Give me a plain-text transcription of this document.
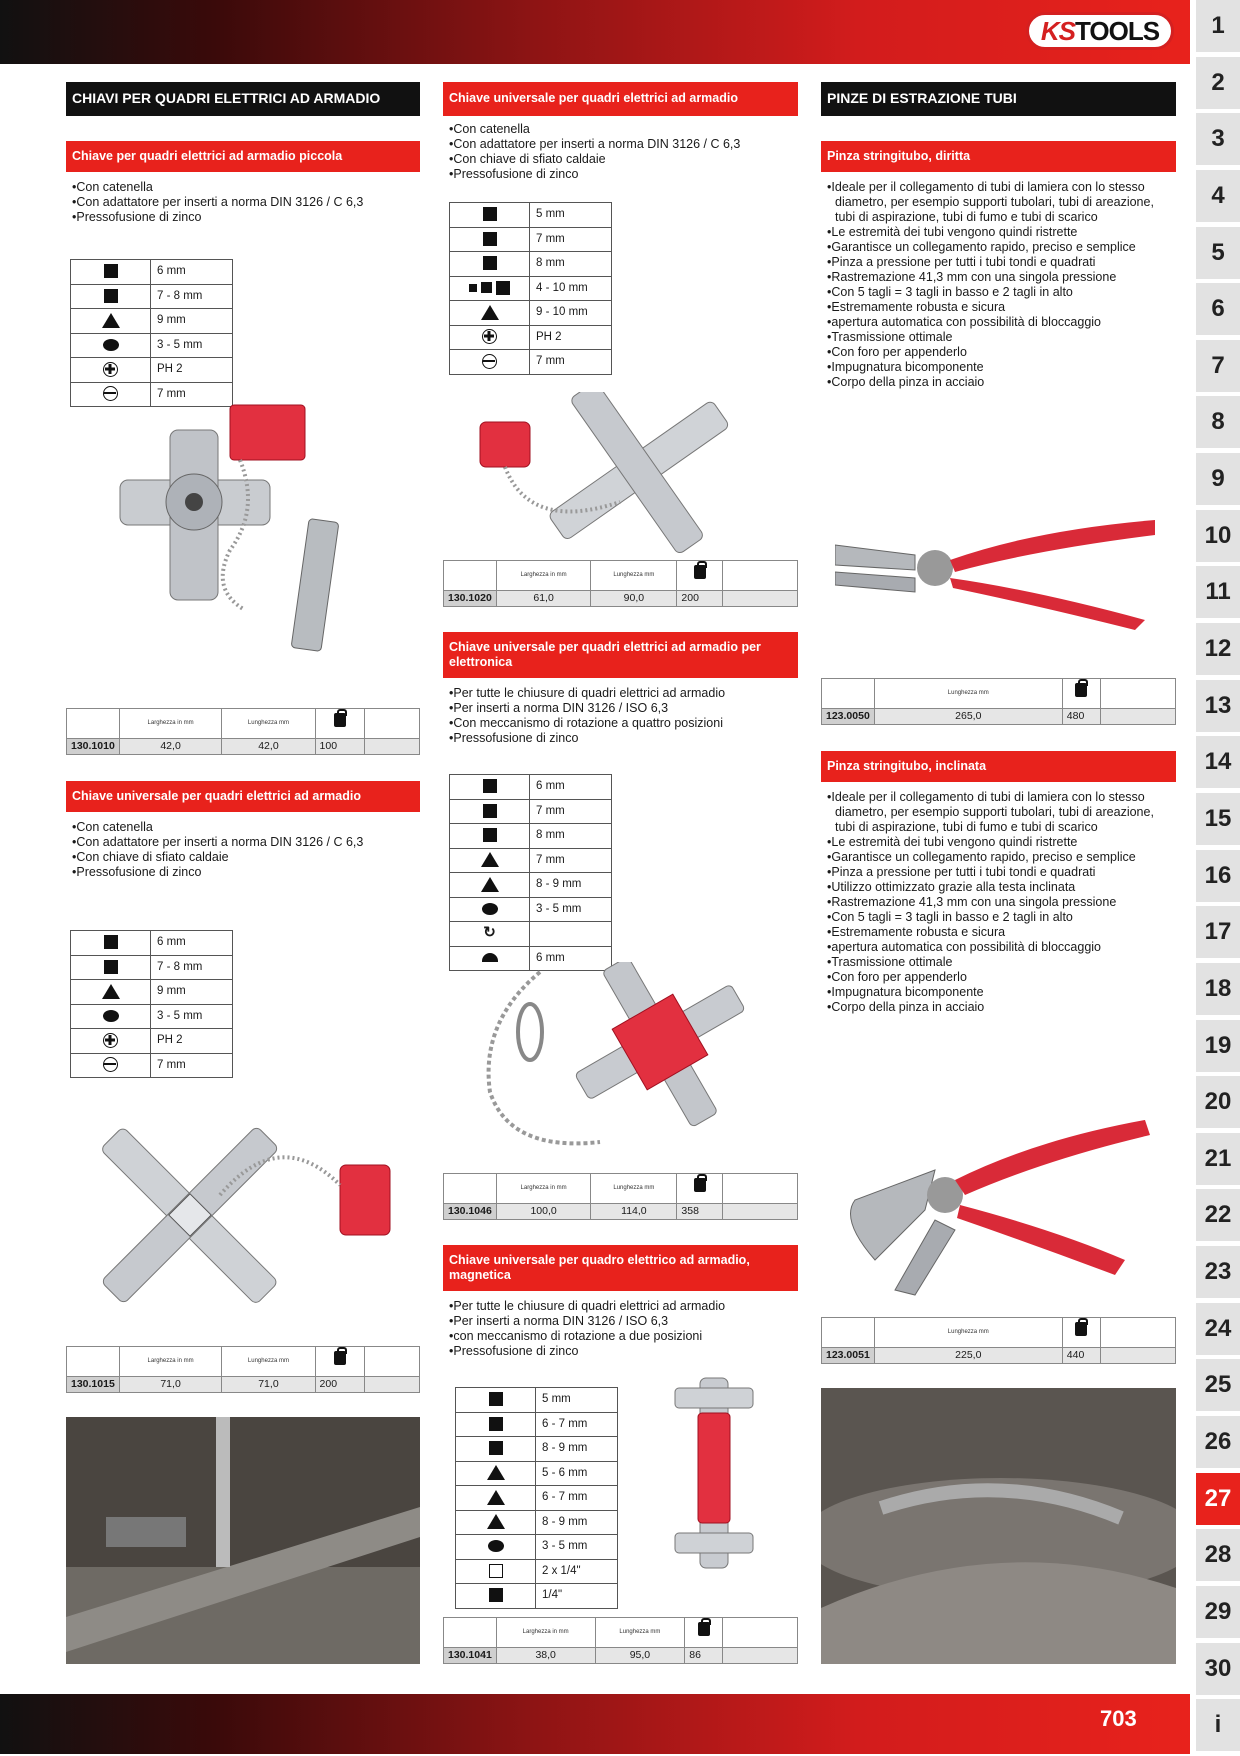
KS TOOLS	1
2
3
4
5
6
7
8
9
10
11
12
13
14
15
16
17
18
19
20
21
22
23
24
25
26
27
28
29
30
i
CHIAVI PER QUADRI ELETTRICI AD ARMADIO
Chiave per quadri elettrici ad armadio piccola
• Con catenella
• Con adattatore per inserti a norma DIN 3126 / C 6,3
• Pressofusione di zinco
	6 mm
	7 - 8 mm
	9 mm
	3 - 5 mm

	PH 2

	7 mm
	Larghezza in mm	Lunghezza mm		
130.1010	42,0	42,0	100	
Chiave universale per quadri elettrici ad armadio
• Con catenella
• Con adattatore per inserti a norma DIN 3126 / C 6,3
• Con chiave di sfiato caldaie
• Pressofusione di zinco
	6 mm
	7 - 8 mm
	9 mm
	3 - 5 mm

	PH 2

	7 mm
	Larghezza in mm	Lunghezza mm		
130.1015	71,0	71,0	200	
Chiave universale per quadri elettrici ad armadio
• Con catenella
• Con adattatore per inserti a norma DIN 3126 / C 6,3
• Con chiave di sfiato caldaie
• Pressofusione di zinco
	5 mm
	7 mm
	8 mm
	4 - 10 mm
	9 - 10 mm

	PH 2

	7 mm
	Larghezza in mm	Lunghezza mm		
130.1020	61,0	90,0	200	
Chiave universale per quadri elettrici ad armadio per elettronica
• Per tutte le chiusure di quadri elettrici ad armadio
• Per inserti a norma DIN 3126 / ISO 6,3
• Con meccanismo di rotazione a quattro posizioni
• Pressofusione di zinco
	6 mm
	7 mm
	8 mm
	7 mm
	8 - 9 mm
	3 - 5 mm
↻	
	6 mm
	Larghezza in mm	Lunghezza mm		
130.1046	100,0	114,0	358	
Chiave universale per quadro elettrico ad armadio, magnetica
• Per tutte le chiusure di quadri elettrici ad armadio
• Per inserti a norma DIN 3126 / ISO 6,3
• con meccanismo di rotazione a due posizioni
• Pressofusione di zinco
	5 mm
	6 - 7 mm
	8 - 9 mm
	5 - 6 mm
	6 - 7 mm
	8 - 9 mm
	3 - 5 mm
	2 x 1/4"
	1/4"
	Larghezza in mm	Lunghezza mm		
130.1041	38,0	95,0	86	
PINZE DI ESTRAZIONE TUBI
Pinza stringitubo, diritta
• Ideale per il collegamento di tubi di lamiera con lo stesso diametro, per esempio supporti tubolari, tubi di areazione, tubi di aspirazione, tubi di fumo e tubi di scarico
• Le estremità dei tubi vengono quindi ristrette
• Garantisce un collegamento rapido, preciso e semplice
• Pinza a pressione per tutti i tubi tondi e quadrati
• Rastremazione 41,3 mm con una singola pressione
• Con 5 tagli = 3 tagli in basso e 2 tagli in alto
• Estremamente robusta e sicura
• apertura automatica con possibilità di bloccaggio
• Trasmissione ottimale
• Con foro per appenderlo
• Impugnatura bicomponente
• Corpo della pinza in acciaio
	Lunghezza mm		
123.0050	265,0	480	
Pinza stringitubo, inclinata
• Ideale per il collegamento di tubi di lamiera con lo stesso diametro, per esempio supporti tubolari, tubi di areazione, tubi di aspirazione, tubi di fumo e tubi di scarico
• Le estremità dei tubi vengono quindi ristrette
• Garantisce un collegamento rapido, preciso e semplice
• Pinza a pressione per tutti i tubi tondi e quadrati
• Utilizzo ottimizzato grazie alla testa inclinata
• Rastremazione 41,3 mm con una singola pressione
• Con 5 tagli = 3 tagli in basso e 2 tagli in alto
• Estremamente robusta e sicura
• apertura automatica con possibilità di bloccaggio
• Trasmissione ottimale
• Con foro per appenderlo
• Impugnatura bicomponente
• Corpo della pinza in acciaio
	Lunghezza mm		
123.0051	225,0	440	
703
